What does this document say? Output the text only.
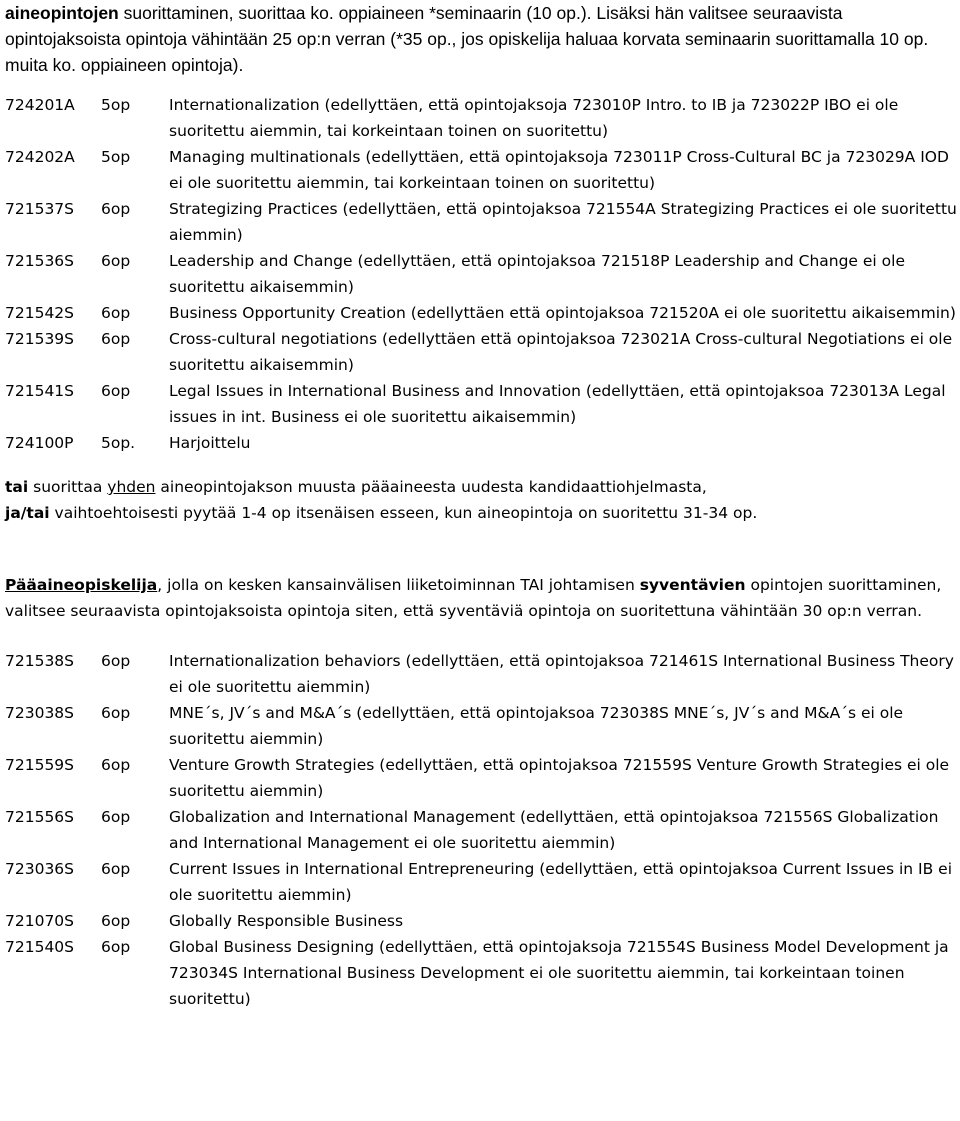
aineopintojen suorittaminen, suorittaa ko. oppiaineen *seminaarin (10 op.). Lisäksi hän valitsee seuraavista opintojaksoista opintoja vähintään 25 op:n verran (*35 op., jos opiskelija haluaa korvata seminaarin suorittamalla 10 op. muita ko. oppiaineen opintoja).

724201A	5op	Internationalization (edellyttäen, että opintojaksoja 723010P Intro. to IB ja 723022P IBO ei ole suoritettu aiemmin, tai korkeintaan toinen on suoritettu)
724202A	5op	Managing multinationals (edellyttäen, että opintojaksoja 723011P Cross-Cultural BC ja 723029A IOD ei ole suoritettu aiemmin, tai korkeintaan toinen on suoritettu)
721537S	6op	Strategizing Practices (edellyttäen, että opintojaksoa 721554A Strategizing Practices ei ole suoritettu aiemmin)
721536S	6op	Leadership and Change (edellyttäen, että opintojaksoa 721518P Leadership and Change ei ole suoritettu aikaisemmin)
721542S	6op	Business Opportunity Creation (edellyttäen että opintojaksoa 721520A ei ole suoritettu aikaisemmin)
721539S	6op	Cross-cultural negotiations (edellyttäen että opintojaksoa 723021A Cross-cultural Negotiations ei ole suoritettu aikaisemmin)
721541S	6op	Legal Issues in International Business and Innovation (edellyttäen, että opintojaksoa 723013A Legal issues in int. Business ei ole suoritettu aikaisemmin)
724100P	5op.	Harjoittelu

tai suorittaa yhden aineopintojakson muusta pääaineesta uudesta kandidaattiohjelmasta,

ja/tai vaihtoehtoisesti pyytää 1-4 op itsenäisen esseen, kun aineopintoja on suoritettu 31-34 op.

Pääaineopiskelija, jolla on kesken kansainvälisen liiketoiminnan TAI johtamisen syventävien opintojen suorittaminen, valitsee seuraavista opintojaksoista opintoja siten, että syventäviä opintoja on suoritettuna vähintään 30 op:n verran.

721538S	6op	Internationalization behaviors (edellyttäen, että opintojaksoa 721461S International Business Theory ei ole suoritettu aiemmin)
723038S	6op	MNE´s, JV´s and M&A´s (edellyttäen, että opintojaksoa 723038S MNE´s, JV´s and M&A´s ei ole suoritettu aiemmin)
721559S	6op	Venture Growth Strategies (edellyttäen, että opintojaksoa 721559S Venture Growth Strategies ei ole suoritettu aiemmin)
721556S	6op	Globalization and International Management (edellyttäen, että opintojaksoa 721556S Globalization and International Management ei ole suoritettu aiemmin)
723036S	6op	Current Issues in International Entrepreneuring (edellyttäen, että opintojaksoa Current Issues in IB ei ole suoritettu aiemmin)
721070S	6op	Globally Responsible Business
721540S	6op	Global Business Designing (edellyttäen, että opintojaksoja 721554S Business Model Development ja 723034S International Business Development ei ole suoritettu aiemmin, tai korkeintaan toinen suoritettu)
